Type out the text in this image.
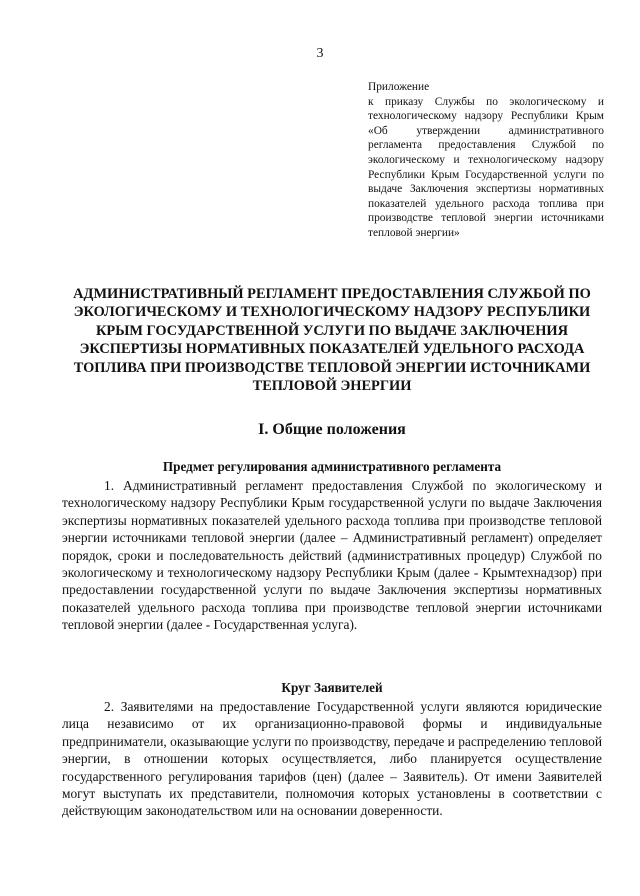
3
Приложение
к приказу Службы по экологическому и технологическому надзору Республики Крым «Об утверждении административного регламента предоставления Службой по экологическому и технологическому надзору Республики Крым Государственной услуги по выдаче Заключения экспертизы нормативных показателей удельного расхода топлива при производстве тепловой энергии источниками тепловой энергии»
АДМИНИСТРАТИВНЫЙ РЕГЛАМЕНТ ПРЕДОСТАВЛЕНИЯ СЛУЖБОЙ ПО ЭКОЛОГИЧЕСКОМУ И ТЕХНОЛОГИЧЕСКОМУ НАДЗОРУ РЕСПУБЛИКИ КРЫМ ГОСУДАРСТВЕННОЙ УСЛУГИ ПО ВЫДАЧЕ ЗАКЛЮЧЕНИЯ ЭКСПЕРТИЗЫ НОРМАТИВНЫХ ПОКАЗАТЕЛЕЙ УДЕЛЬНОГО РАСХОДА ТОПЛИВА ПРИ ПРОИЗВОДСТВЕ ТЕПЛОВОЙ ЭНЕРГИИ ИСТОЧНИКАМИ ТЕПЛОВОЙ ЭНЕРГИИ
I. Общие положения
Предмет регулирования административного регламента
1. Административный регламент предоставления Службой по экологическому и технологическому надзору Республики Крым государственной услуги по выдаче Заключения экспертизы нормативных показателей удельного расхода топлива при производстве тепловой энергии источниками тепловой энергии (далее – Административный регламент) определяет порядок, сроки и последовательность действий (административных процедур) Службой по экологическому и технологическому надзору Республики Крым (далее - Крымтехнадзор) при предоставлении государственной услуги по выдаче Заключения экспертизы нормативных показателей удельного расхода топлива при производстве тепловой энергии источниками тепловой энергии (далее - Государственная услуга).
Круг Заявителей
2. Заявителями на предоставление Государственной услуги являются юридические лица независимо от их организационно-правовой формы и индивидуальные предприниматели, оказывающие услуги по производству, передаче и распределению тепловой энергии, в отношении которых осуществляется, либо планируется осуществление государственного регулирования тарифов (цен) (далее – Заявитель). От имени Заявителей могут выступать их представители, полномочия которых установлены в соответствии с действующим законодательством или на основании доверенности.
